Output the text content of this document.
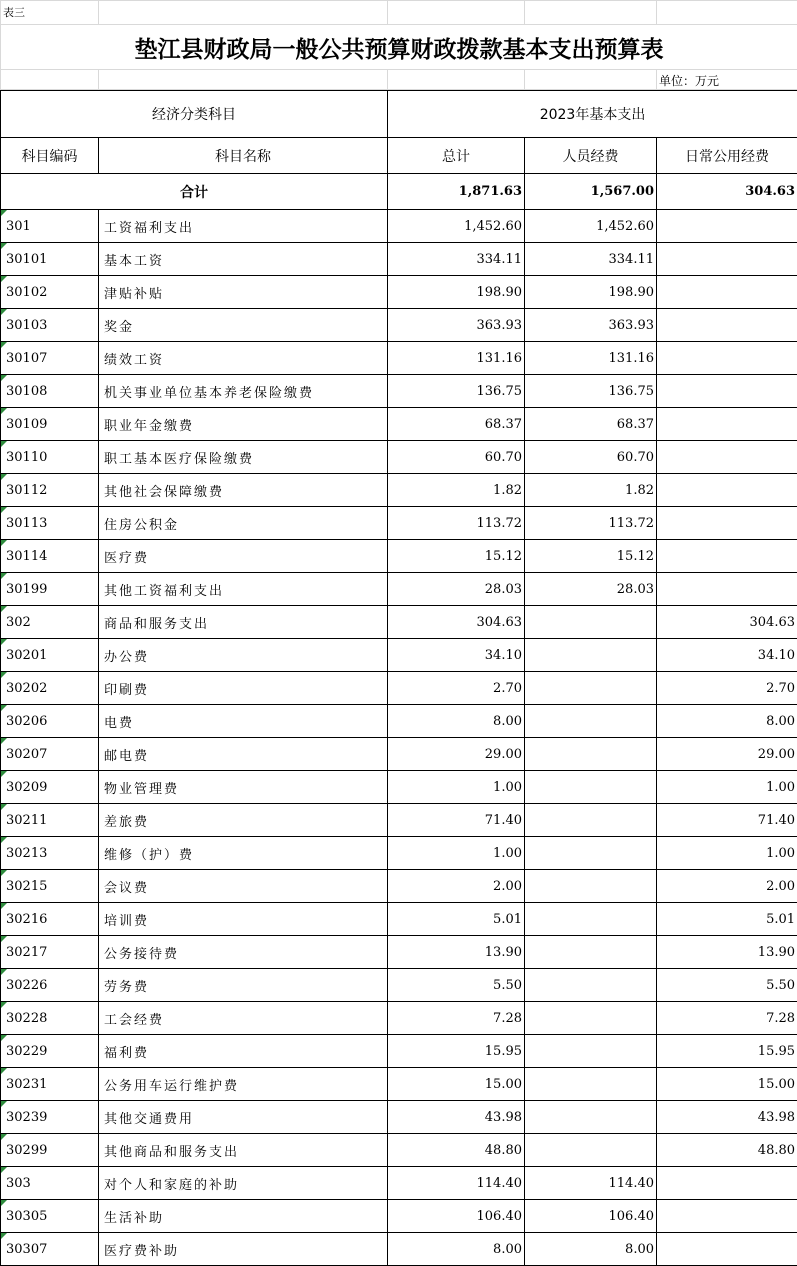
表三				
垫江县财政局一般公共预算财政拨款基本支出预算表				
				单位：万元
经济分类科目		2023年基本支出		
科目编码	科目名称	总计	人员经费	日常公用经费
合计		1,871.63	1,567.00	304.63
301	工资福利支出	1,452.60	1,452.60	
30101	基本工资	334.11	334.11	
30102	津贴补贴	198.90	198.90	
30103	奖金	363.93	363.93	
30107	绩效工资	131.16	131.16	
30108	机关事业单位基本养老保险缴费	136.75	136.75	
30109	职业年金缴费	68.37	68.37	
30110	职工基本医疗保险缴费	60.70	60.70	
30112	其他社会保障缴费	1.82	1.82	
30113	住房公积金	113.72	113.72	
30114	医疗费	15.12	15.12	
30199	其他工资福利支出	28.03	28.03	
302	商品和服务支出	304.63		304.63
30201	办公费	34.10		34.10
30202	印刷费	2.70		2.70
30206	电费	8.00		8.00
30207	邮电费	29.00		29.00
30209	物业管理费	1.00		1.00
30211	差旅费	71.40		71.40
30213	维修（护）费	1.00		1.00
30215	会议费	2.00		2.00
30216	培训费	5.01		5.01
30217	公务接待费	13.90		13.90
30226	劳务费	5.50		5.50
30228	工会经费	7.28		7.28
30229	福利费	15.95		15.95
30231	公务用车运行维护费	15.00		15.00
30239	其他交通费用	43.98		43.98
30299	其他商品和服务支出	48.80		48.80
303	对个人和家庭的补助	114.40	114.40	
30305	生活补助	106.40	106.40	
30307	医疗费补助	8.00	8.00	
